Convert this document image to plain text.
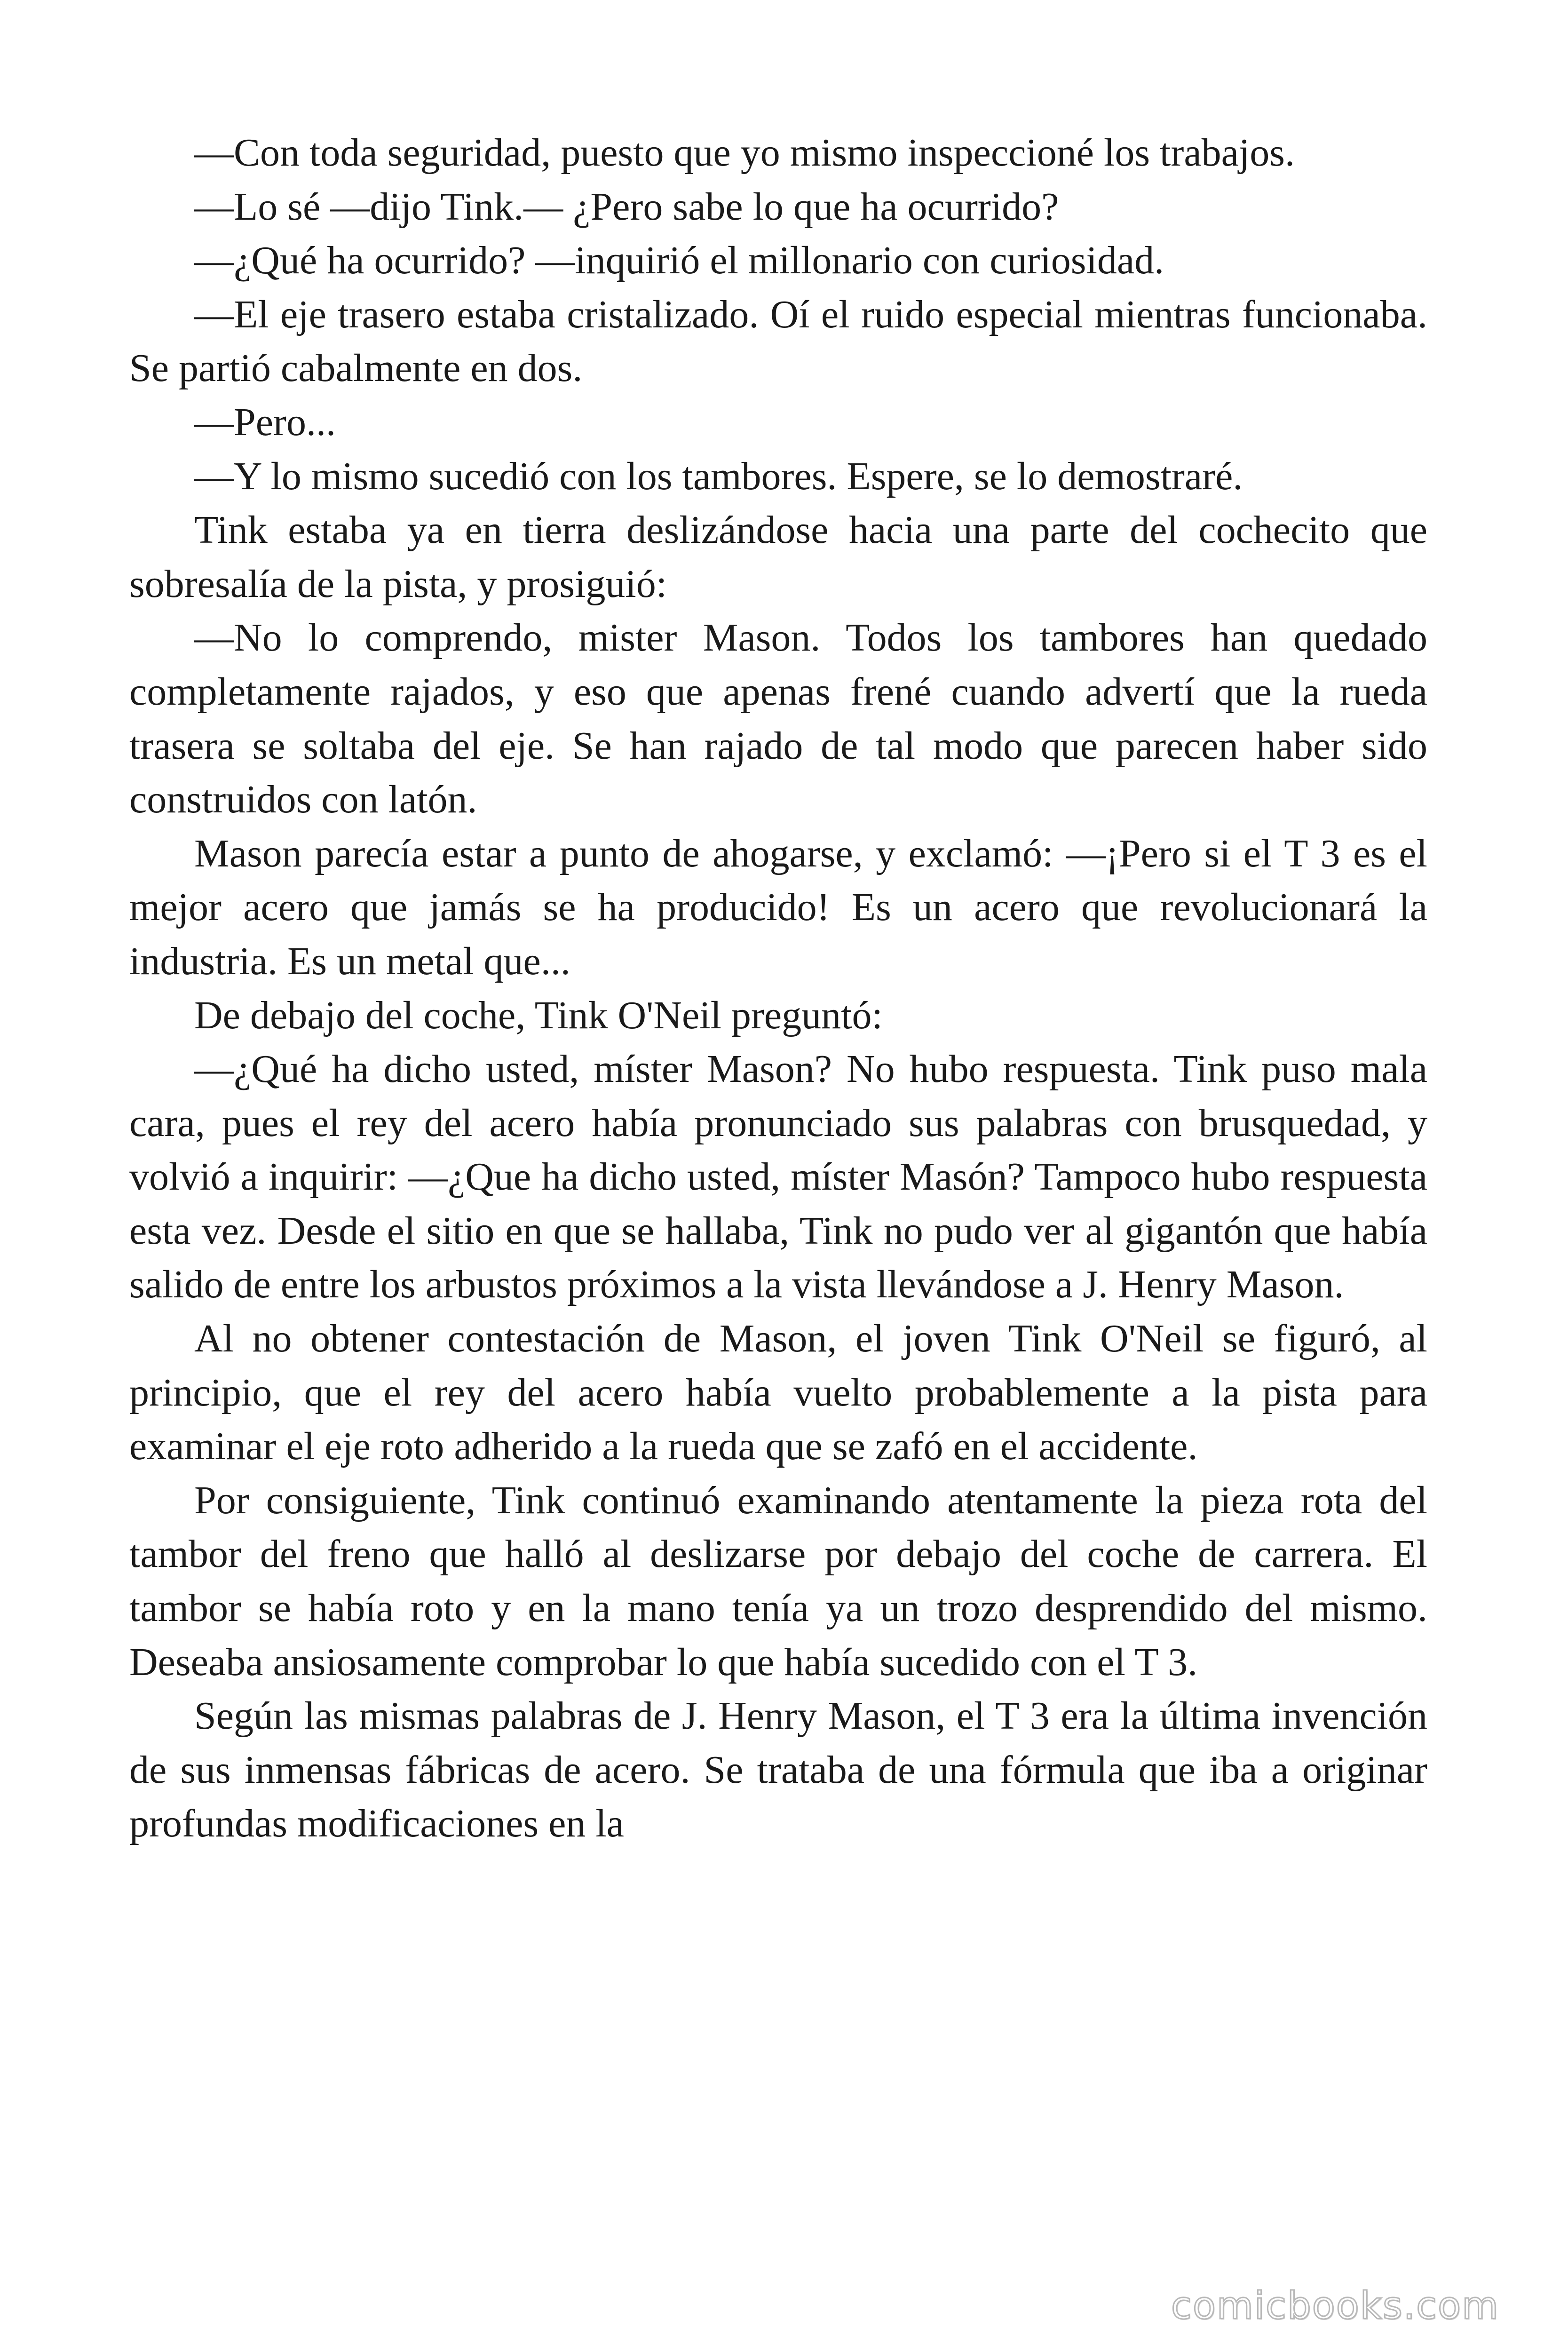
—Con toda seguridad, puesto que yo mismo inspeccioné los trabajos.

—Lo sé —dijo Tink.— ¿Pero sabe lo que ha ocurrido?

—¿Qué ha ocurrido? —inquirió el millonario con curiosidad.

—El eje trasero estaba cristalizado. Oí el ruido especial mientras funcionaba. Se partió cabalmente en dos.

—Pero...

—Y lo mismo sucedió con los tambores. Espere, se lo demostraré.

Tink estaba ya en tierra deslizándose hacia una parte del cochecito que sobresalía de la pista, y prosiguió:

—No lo comprendo, mister Mason. Todos los tambores han quedado completamente rajados, y eso que apenas frené cuando advertí que la rueda trasera se soltaba del eje. Se han rajado de tal modo que parecen haber sido construidos con latón.

Mason parecía estar a punto de ahogarse, y exclamó: —¡Pero si el T 3 es el mejor acero que jamás se ha producido! Es un acero que revolucionará la industria. Es un metal que...

De debajo del coche, Tink O'Neil preguntó:

—¿Qué ha dicho usted, míster Mason? No hubo respuesta. Tink puso mala cara, pues el rey del acero había pronunciado sus palabras con brusquedad, y volvió a inquirir: —¿Que ha dicho usted, míster Masón? Tampoco hubo respuesta esta vez. Desde el sitio en que se hallaba, Tink no pudo ver al gigantón que había salido de entre los arbustos próximos a la vista llevándose a J. Henry Mason.

Al no obtener contestación de Mason, el joven Tink O'Neil se figuró, al principio, que el rey del acero había vuelto probablemente a la pista para examinar el eje roto adherido a la rueda que se zafó en el accidente.

Por consiguiente, Tink continuó examinando atentamente la pieza rota del tambor del freno que halló al deslizarse por debajo del coche de carrera. El tambor se había roto y en la mano tenía ya un trozo desprendido del mismo. Deseaba ansiosamente comprobar lo que había sucedido con el T 3.

Según las mismas palabras de J. Henry Mason, el T 3 era la última invención de sus inmensas fábricas de acero. Se trataba de una fórmula que iba a originar profundas modificaciones en la

comicbooks.com
